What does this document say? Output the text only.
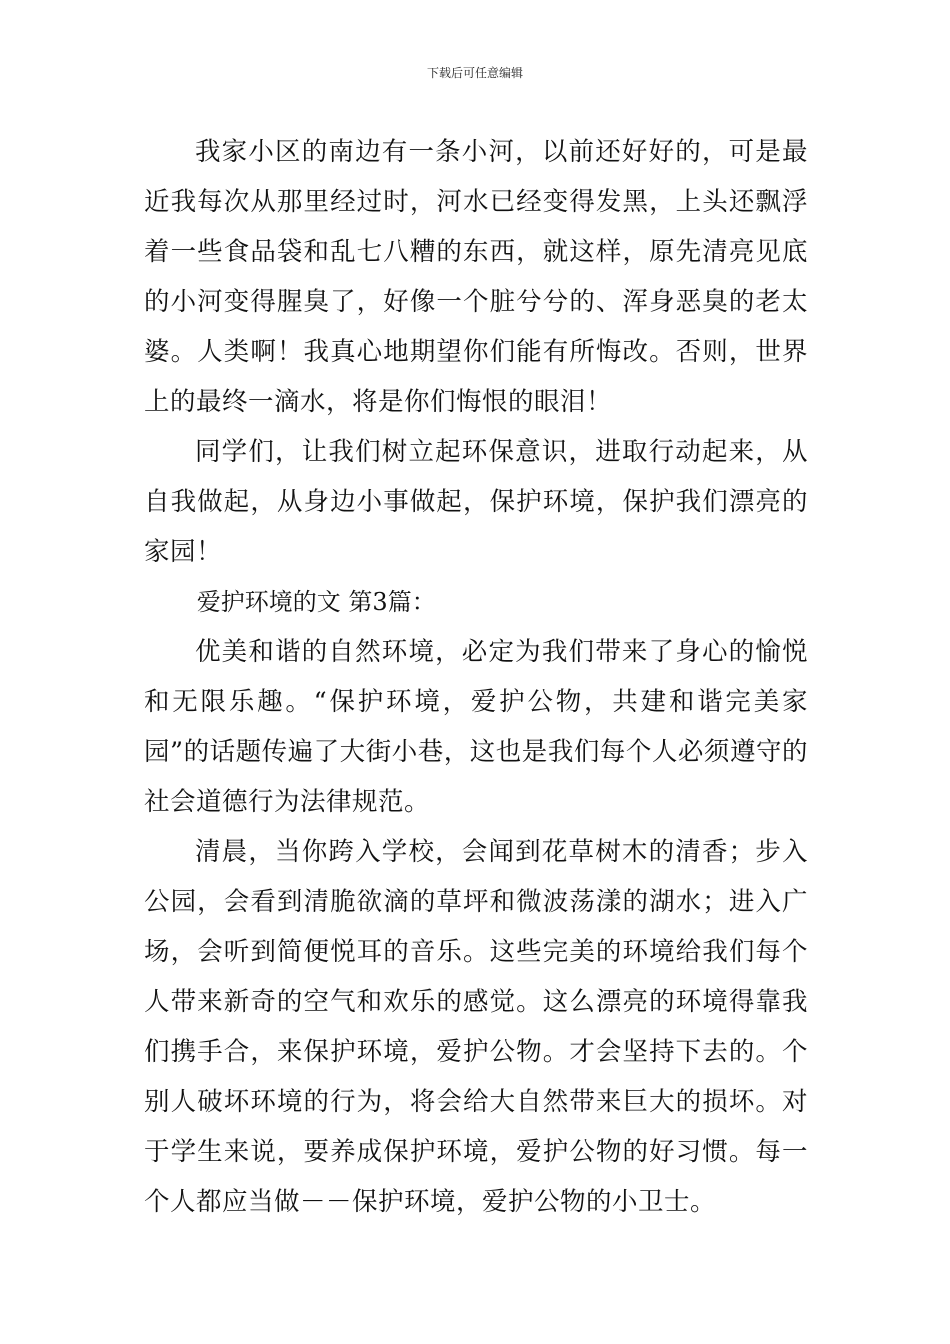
下载后可任意编辑

我家小区的南边有一条小河，以前还好好的，可是最近我每次从那里经过时，河水已经变得发黑，上头还飘浮着一些食品袋和乱七八糟的东西，就这样，原先清亮见底的小河变得腥臭了，好像一个脏兮兮的、浑身恶臭的老太婆。人类啊！我真心地期望你们能有所悔改。否则，世界上的最终一滴水，将是你们悔恨的眼泪！

同学们，让我们树立起环保意识，进取行动起来，从自我做起，从身边小事做起，保护环境，保护我们漂亮的家园！

爱护环境的文 第3篇：

优美和谐的自然环境，必定为我们带来了身心的愉悦和无限乐趣。“保护环境，爱护公物，共建和谐完美家园”的话题传遍了大街小巷，这也是我们每个人必须遵守的社会道德行为法律规范。

清晨，当你跨入学校，会闻到花草树木的清香；步入公园，会看到清脆欲滴的草坪和微波荡漾的湖水；进入广场，会听到简便悦耳的音乐。这些完美的环境给我们每个人带来新奇的空气和欢乐的感觉。这么漂亮的环境得靠我们携手合，来保护环境，爱护公物。才会坚持下去的。个别人破坏环境的行为，将会给大自然带来巨大的损坏。对于学生来说，要养成保护环境，爱护公物的好习惯。每一个人都应当做－－保护环境，爱护公物的小卫士。
